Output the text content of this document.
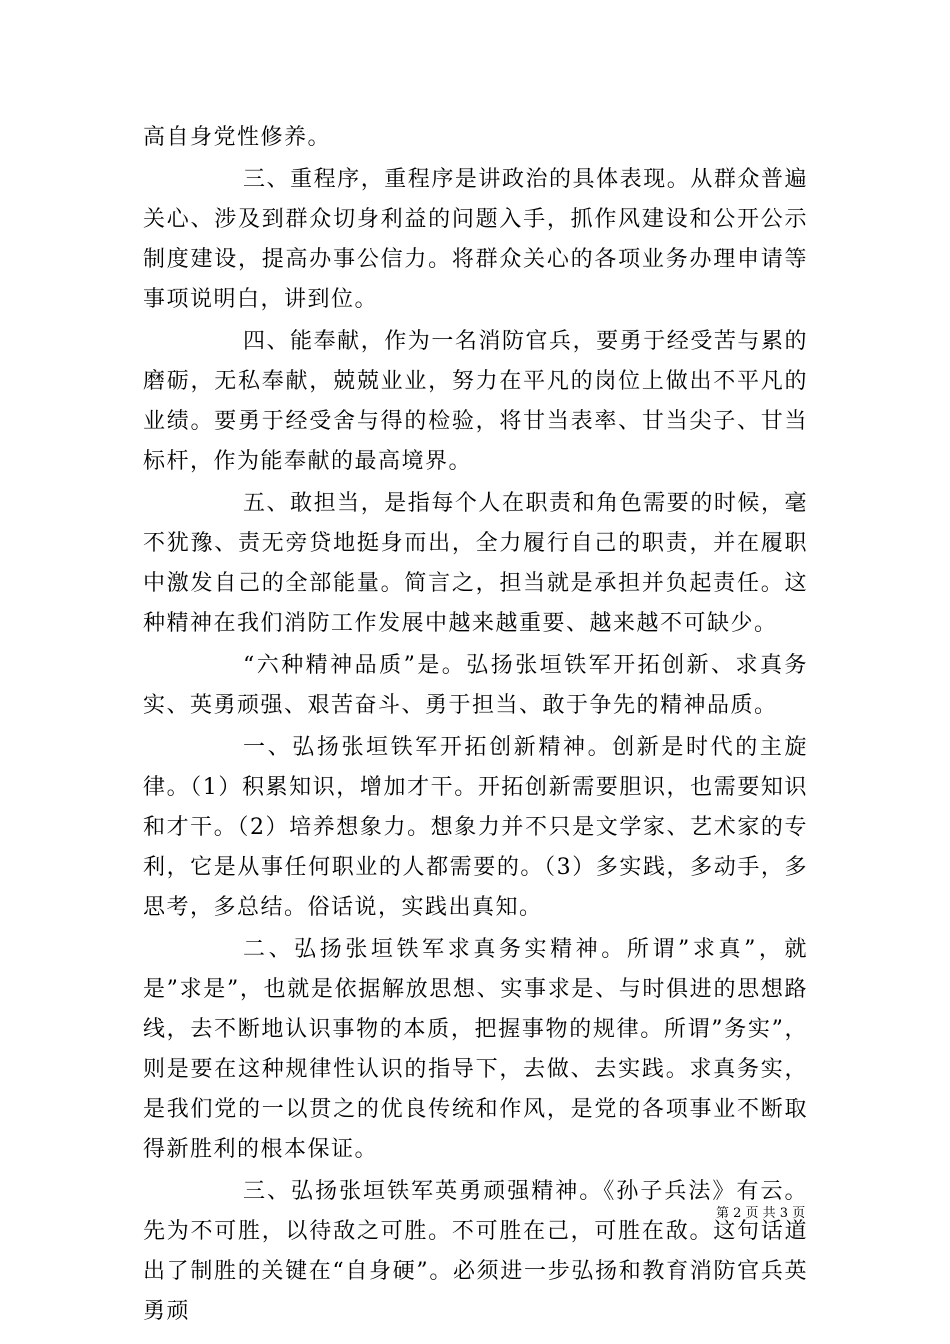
高自身党性修养。

三、重程序，重程序是讲政治的具体表现。从群众普遍关心、涉及到群众切身利益的问题入手，抓作风建设和公开公示制度建设，提高办事公信力。将群众关心的各项业务办理申请等事项说明白，讲到位。

四、能奉献，作为一名消防官兵，要勇于经受苦与累的磨砺，无私奉献，兢兢业业，努力在平凡的岗位上做出不平凡的业绩。要勇于经受舍与得的检验，将甘当表率、甘当尖子、甘当标杆，作为能奉献的最高境界。

五、敢担当，是指每个人在职责和角色需要的时候，毫不犹豫、责无旁贷地挺身而出，全力履行自己的职责，并在履职中激发自己的全部能量。简言之，担当就是承担并负起责任。这种精神在我们消防工作发展中越来越重要、越来越不可缺少。

“六种精神品质”是。弘扬张垣铁军开拓创新、求真务实、英勇顽强、艰苦奋斗、勇于担当、敢于争先的精神品质。

一、弘扬张垣铁军开拓创新精神。创新是时代的主旋律。（1）积累知识，增加才干。开拓创新需要胆识，也需要知识和才干。（2）培养想象力。想象力并不只是文学家、艺术家的专利，它是从事任何职业的人都需要的。（3）多实践，多动手，多思考，多总结。俗话说，实践出真知。

二、弘扬张垣铁军求真务实精神。所谓”求真”，就是”求是”，也就是依据解放思想、实事求是、与时俱进的思想路线，去不断地认识事物的本质，把握事物的规律。所谓”务实”，则是要在这种规律性认识的指导下，去做、去实践。求真务实，是我们党的一以贯之的优良传统和作风，是党的各项事业不断取得新胜利的根本保证。

三、弘扬张垣铁军英勇顽强精神。《孙子兵法》有云。先为不可胜，以待敌之可胜。不可胜在己，可胜在敌。这句话道出了制胜的关键在“自身硬”。必须进一步弘扬和教育消防官兵英勇顽

第 2 页 共 3 页
